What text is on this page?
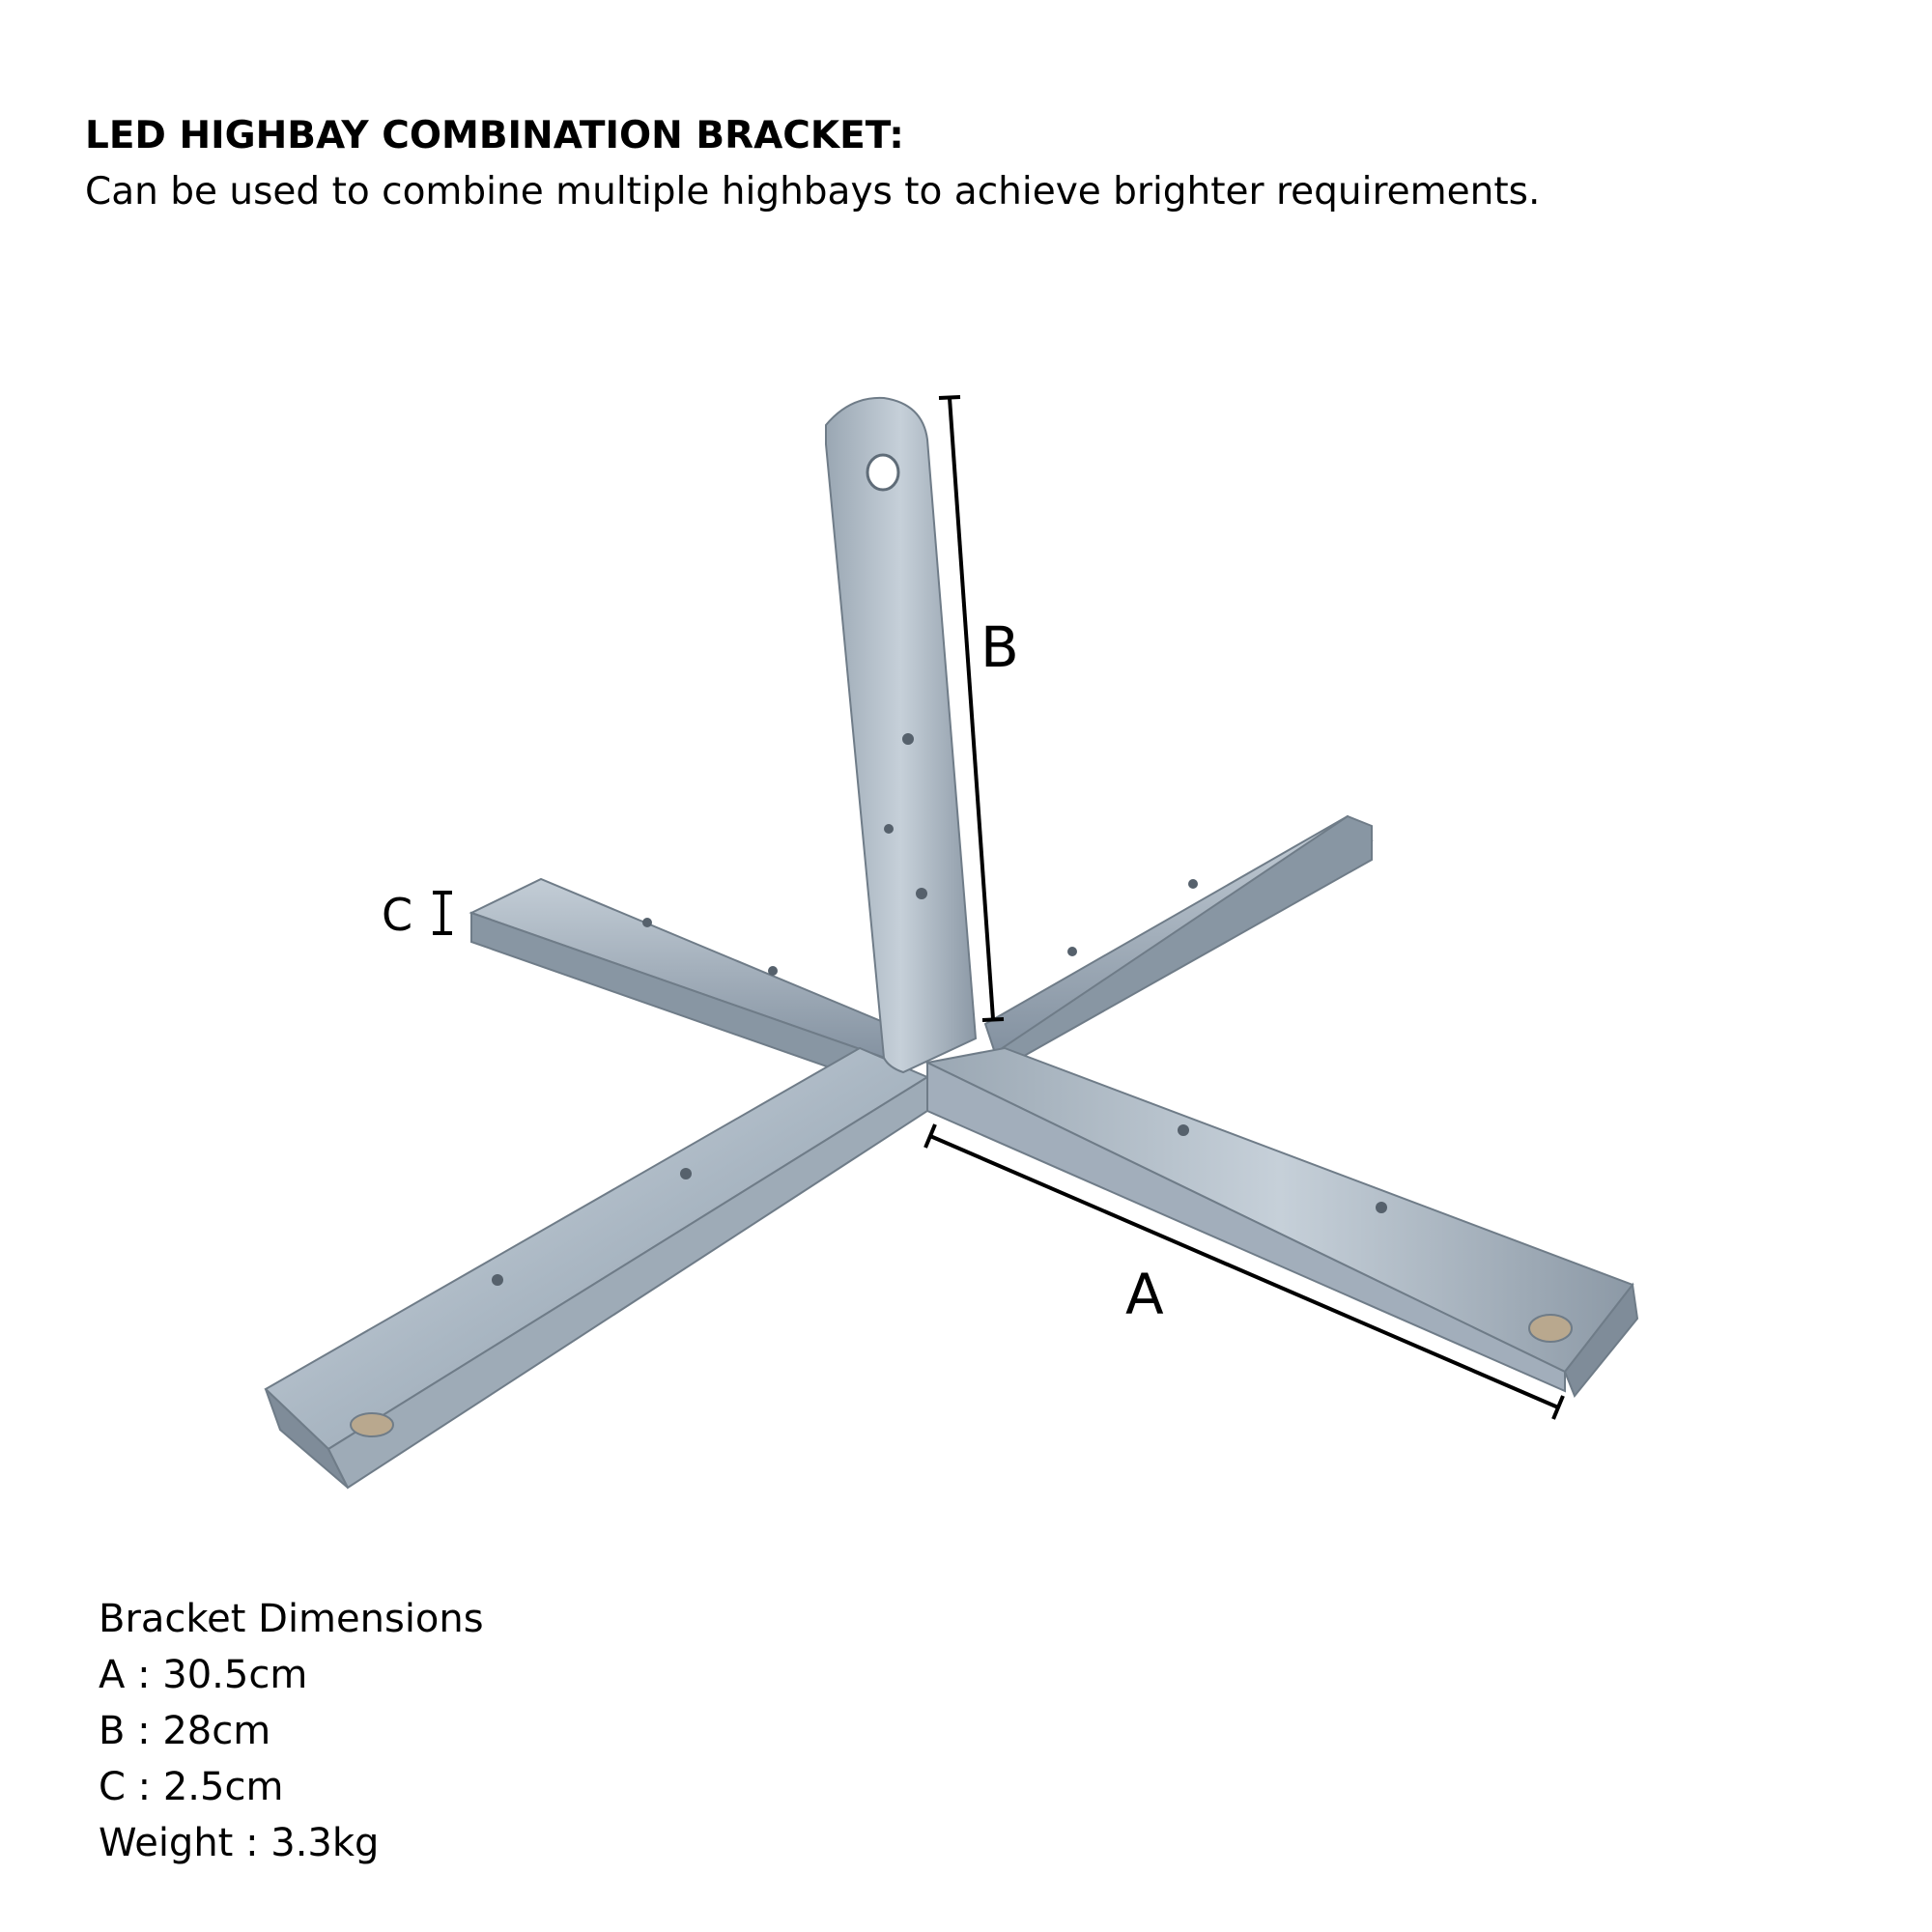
LED HIGHBAY COMBINATION BRACKET:
Can be used to combine multiple highbays to achieve brighter requirements.
B
A
C
Bracket Dimensions
A : 30.5cm
B : 28cm
C : 2.5cm
Weight : 3.3kg
